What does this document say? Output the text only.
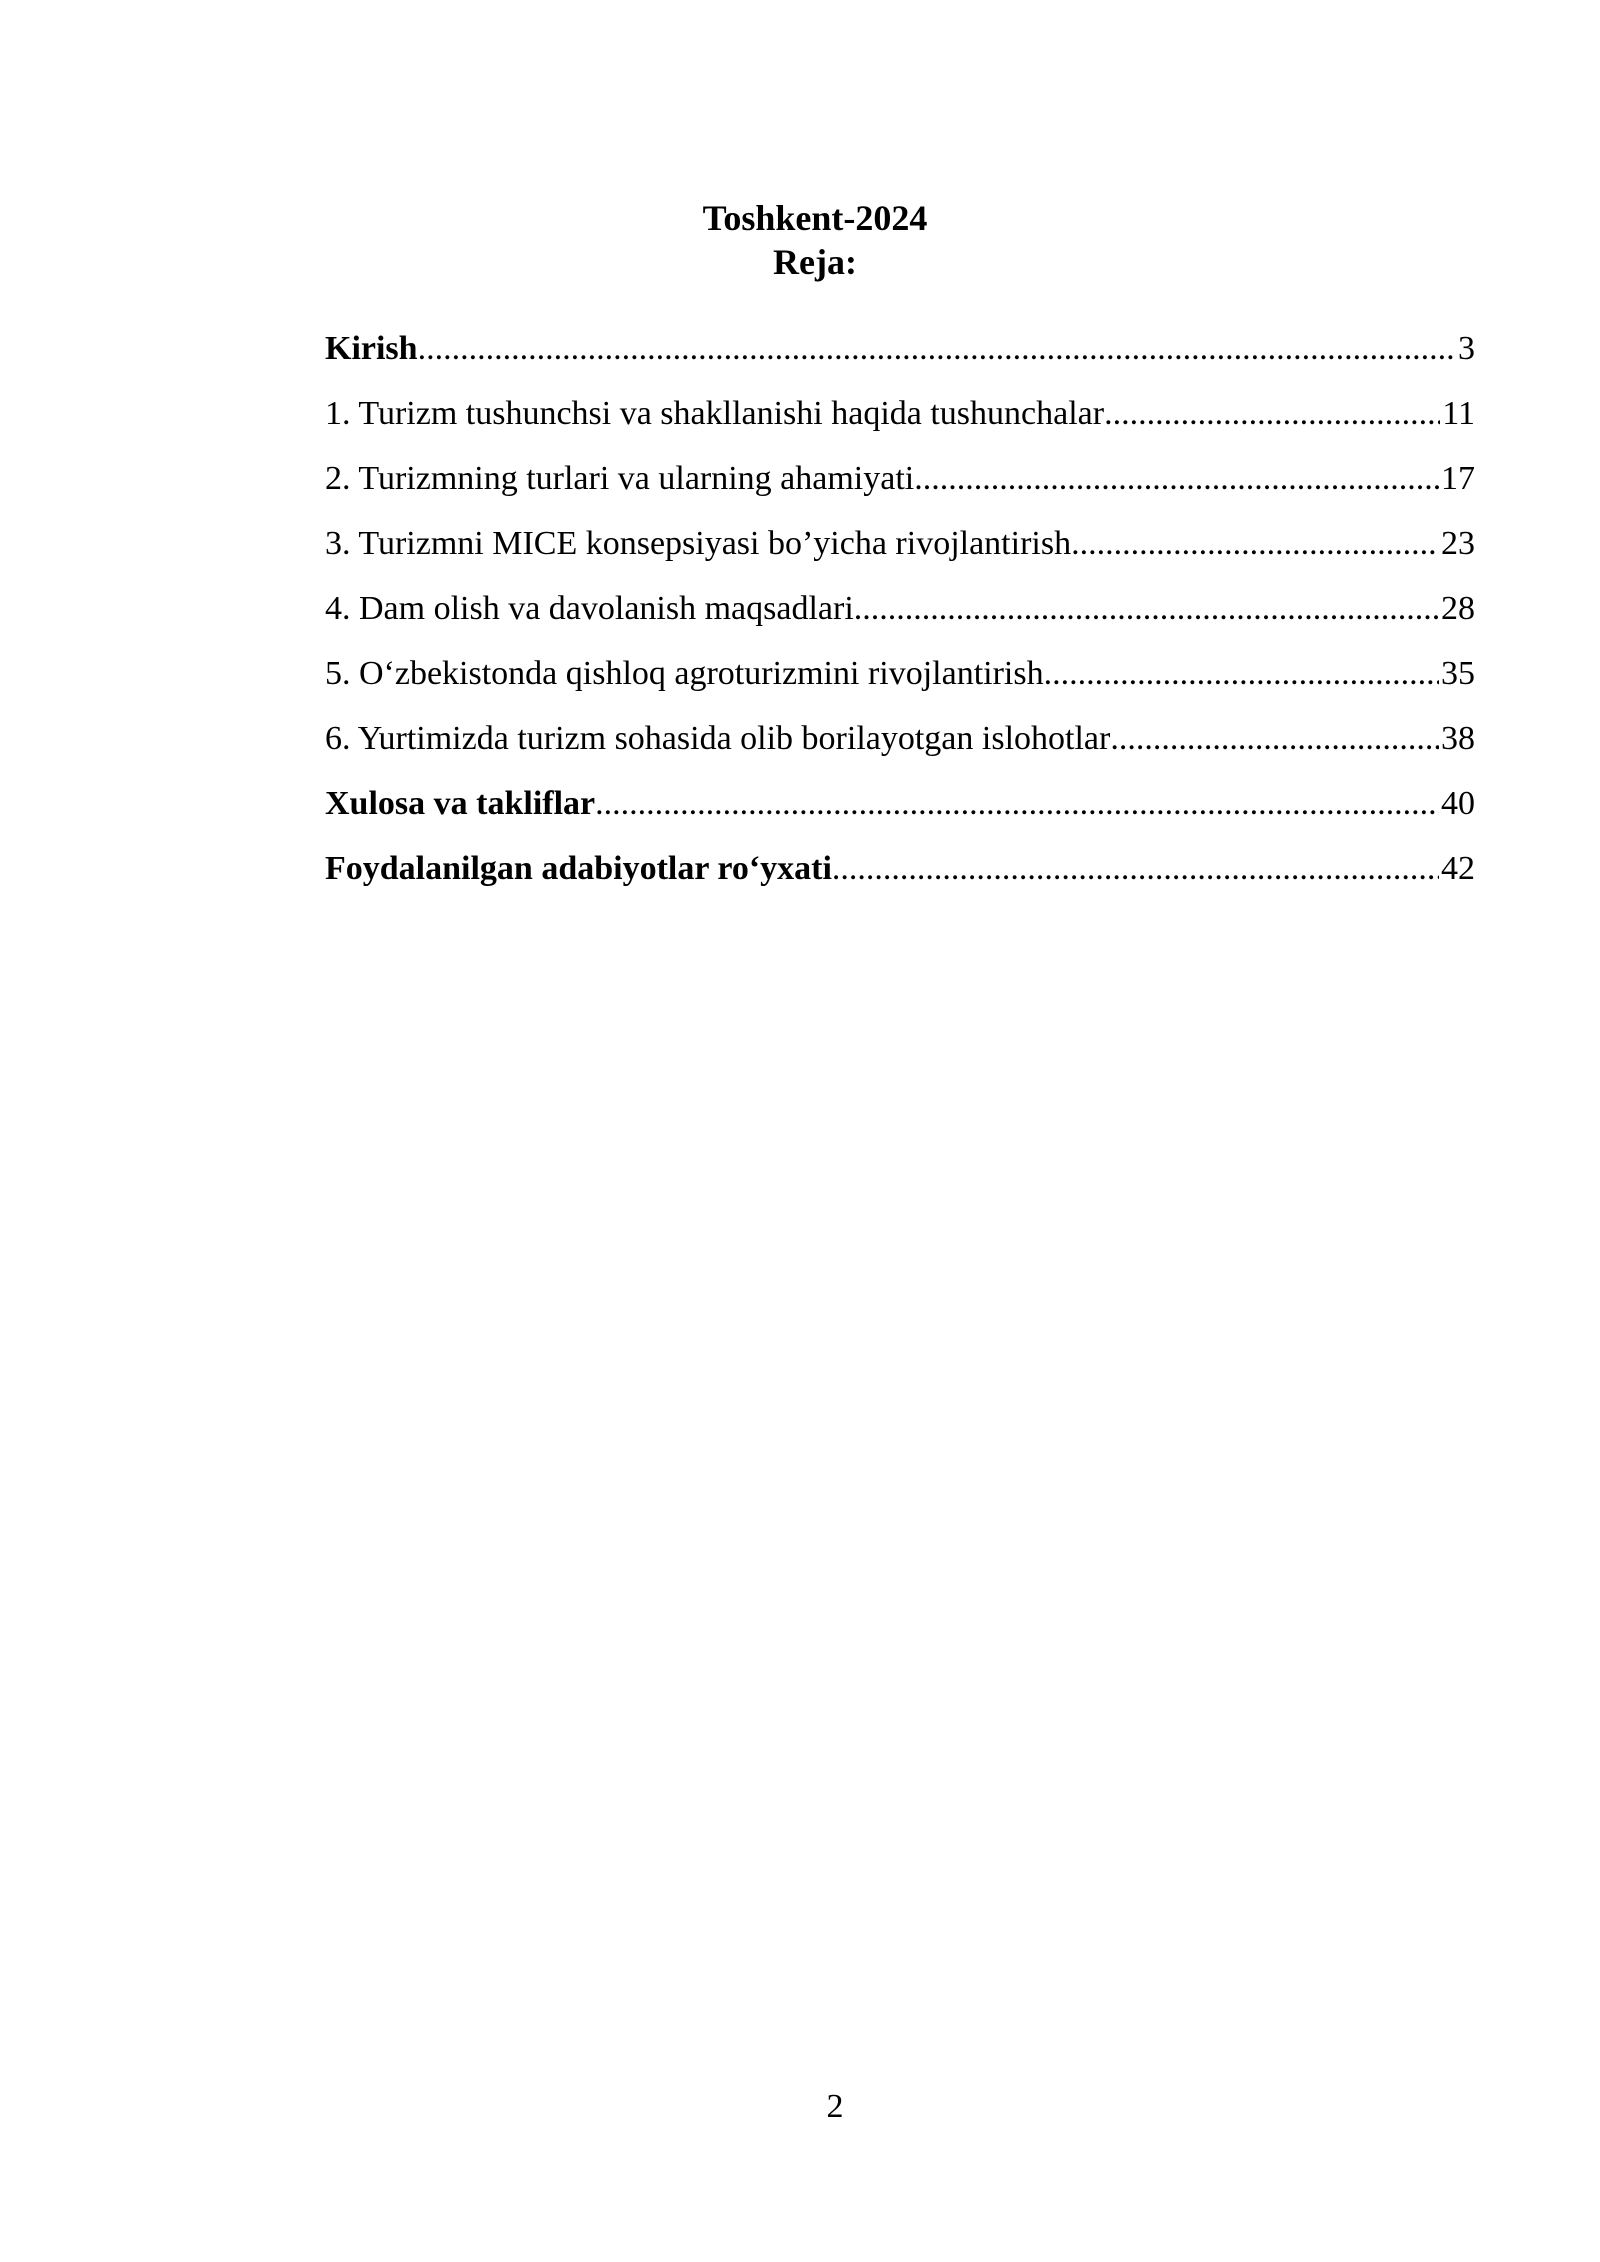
Toshkent-2024
Reja:
Kirish .....	3
1. Turizm tushunchsi va shakllanishi haqida tushunchalar .....	11
2. Turizmning turlari va ularning ahamiyati .....	17
3. Turizmni MICE konsepsiyasi bo’yicha rivojlantirish .....	23
4. Dam olish va davolanish maqsadlari .....	28
5. O‘zbekistonda qishloq agroturizmini rivojlantirish .....	35
6. Yurtimizda turizm sohasida olib borilayotgan islohotlar .....	38
Xulosa va takliflar .....	40
Foydalanilgan adabiyotlar ro‘yxati .....	42
2
